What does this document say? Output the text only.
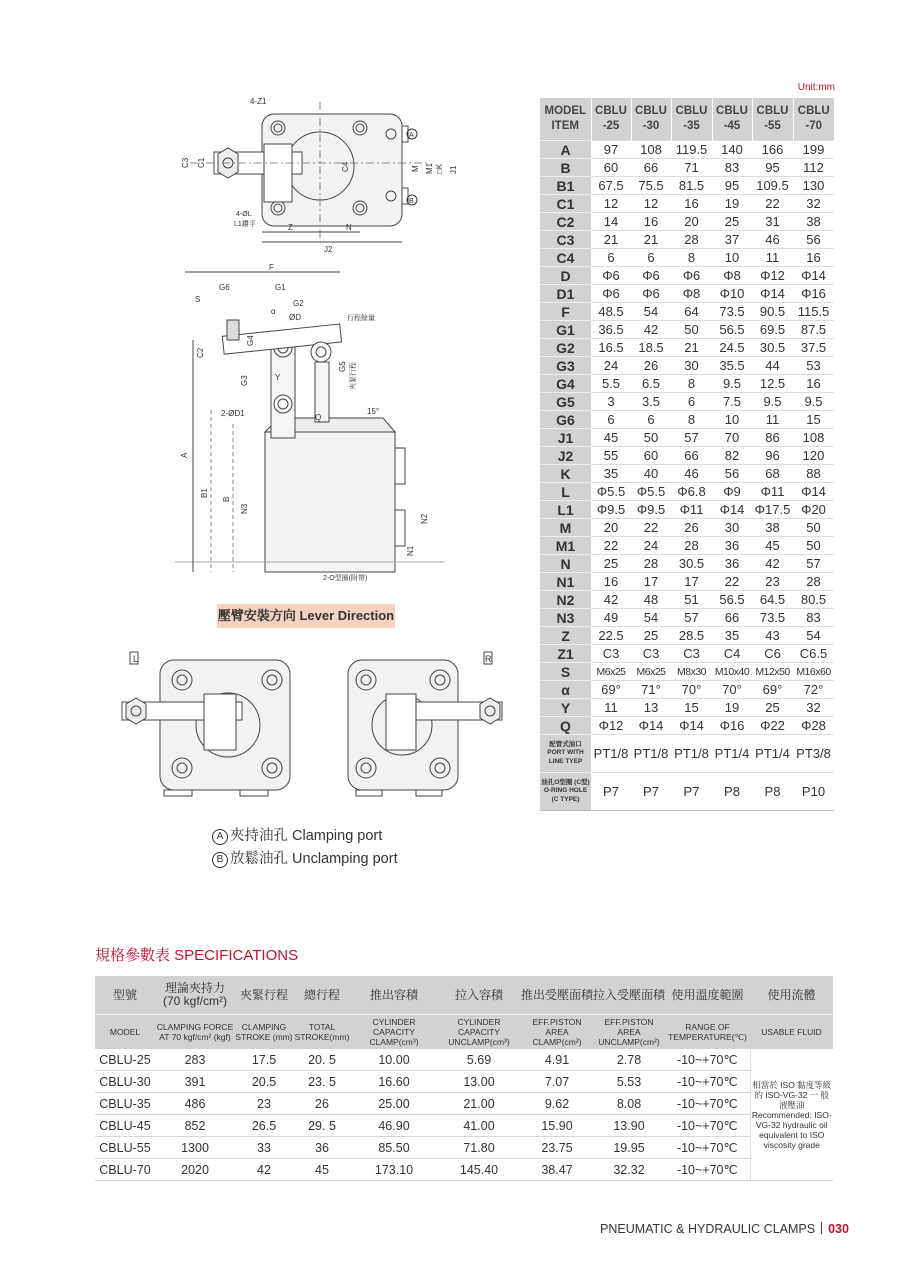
Unit:mm
MODEL ITEM	CBLU -25	CBLU -30	CBLU -35	CBLU -45	CBLU -55	CBLU -70
A	97	108	119.5	140	166	199
B	60	66	71	83	95	112
B1	67.5	75.5	81.5	95	109.5	130
C1	12	12	16	19	22	32
C2	14	16	20	25	31	38
C3	21	21	28	37	46	56
C4	6	6	8	10	11	16
D	Φ6	Φ6	Φ6	Φ8	Φ12	Φ14
D1	Φ6	Φ6	Φ8	Φ10	Φ14	Φ16
F	48.5	54	64	73.5	90.5	115.5
G1	36.5	42	50	56.5	69.5	87.5
G2	16.5	18.5	21	24.5	30.5	37.5
G3	24	26	30	35.5	44	53
G4	5.5	6.5	8	9.5	12.5	16
G5	3	3.5	6	7.5	9.5	9.5
G6	6	6	8	10	11	15
J1	45	50	57	70	86	108
J2	55	60	66	82	96	120
K	35	40	46	56	68	88
L	Φ5.5	Φ5.5	Φ6.8	Φ9	Φ11	Φ14
L1	Φ9.5	Φ9.5	Φ11	Φ14	Φ17.5	Φ20
M	20	22	26	30	38	50
M1	22	24	28	36	45	50
N	25	28	30.5	36	42	57
N1	16	17	17	22	23	28
N2	42	48	51	56.5	64.5	80.5
N3	49	54	57	66	73.5	83
Z	22.5	25	28.5	35	43	54
Z1	C3	C3	C3	C4	C6	C6.5
S	M6x25	M6x25	M8x30	M10x40	M12x50	M16x60
α	69°	71°	70°	70°	69°	72°
Y	11	13	15	19	25	32
Q	Φ12	Φ14	Φ14	Φ16	Φ22	Φ28
配管式油口 PORT WITH LINE TYEP	PT1/8	PT1/8	PT1/8	PT1/4	PT1/4	PT3/8
油孔O型圈 (C型) O-RING HOLE (C TYPE)	P7	P7	P7	P8	P8	P10
4-Z1
C3 C1
4-ØL
L1鑽平	Z	N
J2
M M1 □K J1
C4
A
B
F
G6	G1
S	G2
α
ØD	行程餘量
C2
G4
G3	Y
G5 夾緊行程
2-ØD1	Q
15°
A
B1
B
N3
N2
N1
2-O型圈(附帶)
壓臂安裝方向 Lever Direction
L	R
A 夾持油孔 Clamping port
B 放鬆油孔 Unclamping port
規格參數表 SPECIFICATIONS
型號	理論夾持力 (70 kgf/cm²)	夾緊行程	總行程	推出容積	拉入容積	推出受壓面積	拉入受壓面積	使用溫度範圍	使用流體
MODEL	CLAMPING FORCE AT 70 kgf/cm² (kgf)	CLAMPING STROKE (mm)	TOTAL STROKE(mm)	CYLINDER CAPACITY CLAMP(cm³)	CYLINDER CAPACITY UNCLAMP(cm³)	EFF.PISTON AREA CLAMP(cm²)	EFF.PISTON AREA UNCLAMP(cm²)	RANGE OF TEMPERATURE(℃)	USABLE FLUID
CBLU-25	283	17.5	20. 5	10.00	5.69	4.91	2.78	-10~+70℃	相當於 ISO 黏度等級 的 ISO-VG-32 一 般 液壓油 Recommended: ISO-VG-32 hydraulic oil equivalent to ISO viscosity grade
CBLU-30	391	20.5	23. 5	16.60	13.00	7.07	5.53	-10~+70℃	
CBLU-35	486	23	26	25.00	21.00	9.62	8.08	-10~+70℃	
CBLU-45	852	26.5	29. 5	46.90	41.00	15.90	13.90	-10~+70℃	
CBLU-55	1300	33	36	85.50	71.80	23.75	19.95	-10~+70℃	
CBLU-70	2020	42	45	173.10	145.40	38.47	32.32	-10~+70℃	
PNEUMATIC & HYDRAULIC CLAMPS 030
